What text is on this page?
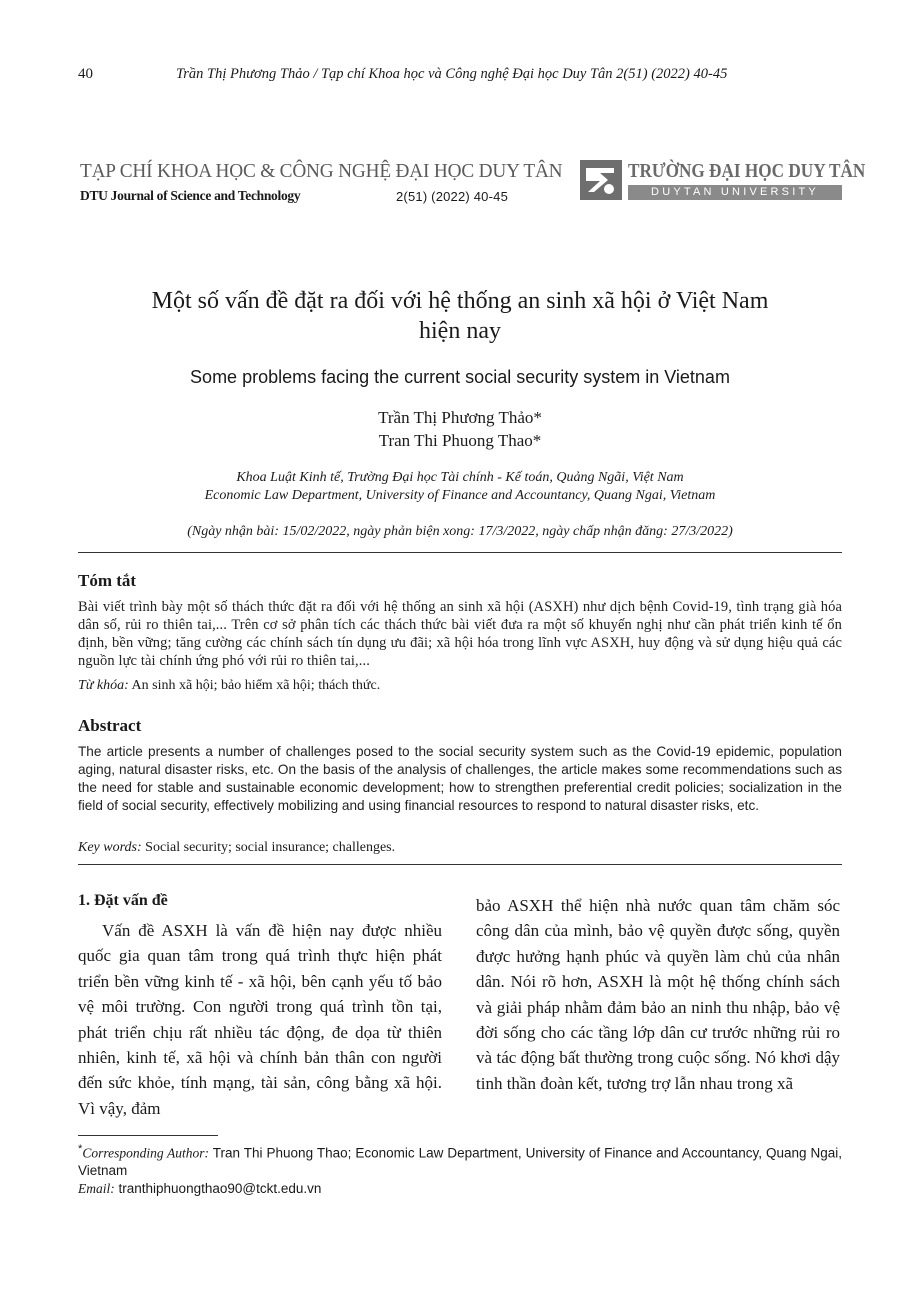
40	Trần Thị Phương Thảo / Tạp chí Khoa học và Công nghệ Đại học Duy Tân 2(51) (2022) 40-45
TẠP CHÍ KHOA HỌC & CÔNG NGHỆ ĐẠI HỌC DUY TÂN
DTU Journal of Science and Technology	2(51) (2022) 40-45
TRƯỜNG ĐẠI HỌC DUY TÂN
DUYTAN UNIVERSITY
Một số vấn đề đặt ra đối với hệ thống an sinh xã hội ở Việt Nam
hiện nay
Some problems facing the current social security system in Vietnam
Trần Thị Phương Thảo*
Tran Thi Phuong Thao*
Khoa Luật Kinh tế, Trường Đại học Tài chính - Kế toán, Quảng Ngãi, Việt Nam
Economic Law Department, University of Finance and Accountancy, Quang Ngai, Vietnam
(Ngày nhận bài: 15/02/2022, ngày phản biện xong: 17/3/2022, ngày chấp nhận đăng: 27/3/2022)
Tóm tắt
Bài viết trình bày một số thách thức đặt ra đối với hệ thống an sinh xã hội (ASXH) như dịch bệnh Covid-19, tình trạng già hóa dân số, rủi ro thiên tai,... Trên cơ sở phân tích các thách thức bài viết đưa ra một số khuyến nghị như cần phát triển kinh tế ổn định, bền vững; tăng cường các chính sách tín dụng ưu đãi; xã hội hóa trong lĩnh vực ASXH, huy động và sử dụng hiệu quả các nguồn lực tài chính ứng phó với rủi ro thiên tai,...
Từ khóa: An sinh xã hội; bảo hiểm xã hội; thách thức.
Abstract
The article presents a number of challenges posed to the social security system such as the Covid-19 epidemic, population aging, natural disaster risks, etc. On the basis of the analysis of challenges, the article makes some recommendations such as the need for stable and sustainable economic development; how to strengthen preferential credit policies; socialization in the field of social security, effectively mobilizing and using financial resources to respond to natural disaster risks, etc.
Key words: Social security; social insurance; challenges.
1. Đặt vấn đề
Vấn đề ASXH là vấn đề hiện nay được nhiều quốc gia quan tâm trong quá trình thực hiện phát triển bền vững kinh tế - xã hội, bên cạnh yếu tố bảo vệ môi trường. Con người trong quá trình tồn tại, phát triển chịu rất nhiều tác động, đe dọa từ thiên nhiên, kinh tế, xã hội và chính bản thân con người đến sức khỏe, tính mạng, tài sản, công bằng xã hội. Vì vậy, đảm
bảo ASXH thể hiện nhà nước quan tâm chăm sóc công dân của mình, bảo vệ quyền được sống, quyền được hưởng hạnh phúc và quyền làm chủ của nhân dân. Nói rõ hơn, ASXH là một hệ thống chính sách và giải pháp nhằm đảm bảo an ninh thu nhập, bảo vệ đời sống cho các tầng lớp dân cư trước những rủi ro và tác động bất thường trong cuộc sống. Nó khơi dậy tinh thần đoàn kết, tương trợ lẫn nhau trong xã
*Corresponding Author: Tran Thi Phuong Thao; Economic Law Department, University of Finance and Accountancy, Quang Ngai, Vietnam
Email: tranthiphuongthao90@tckt.edu.vn
